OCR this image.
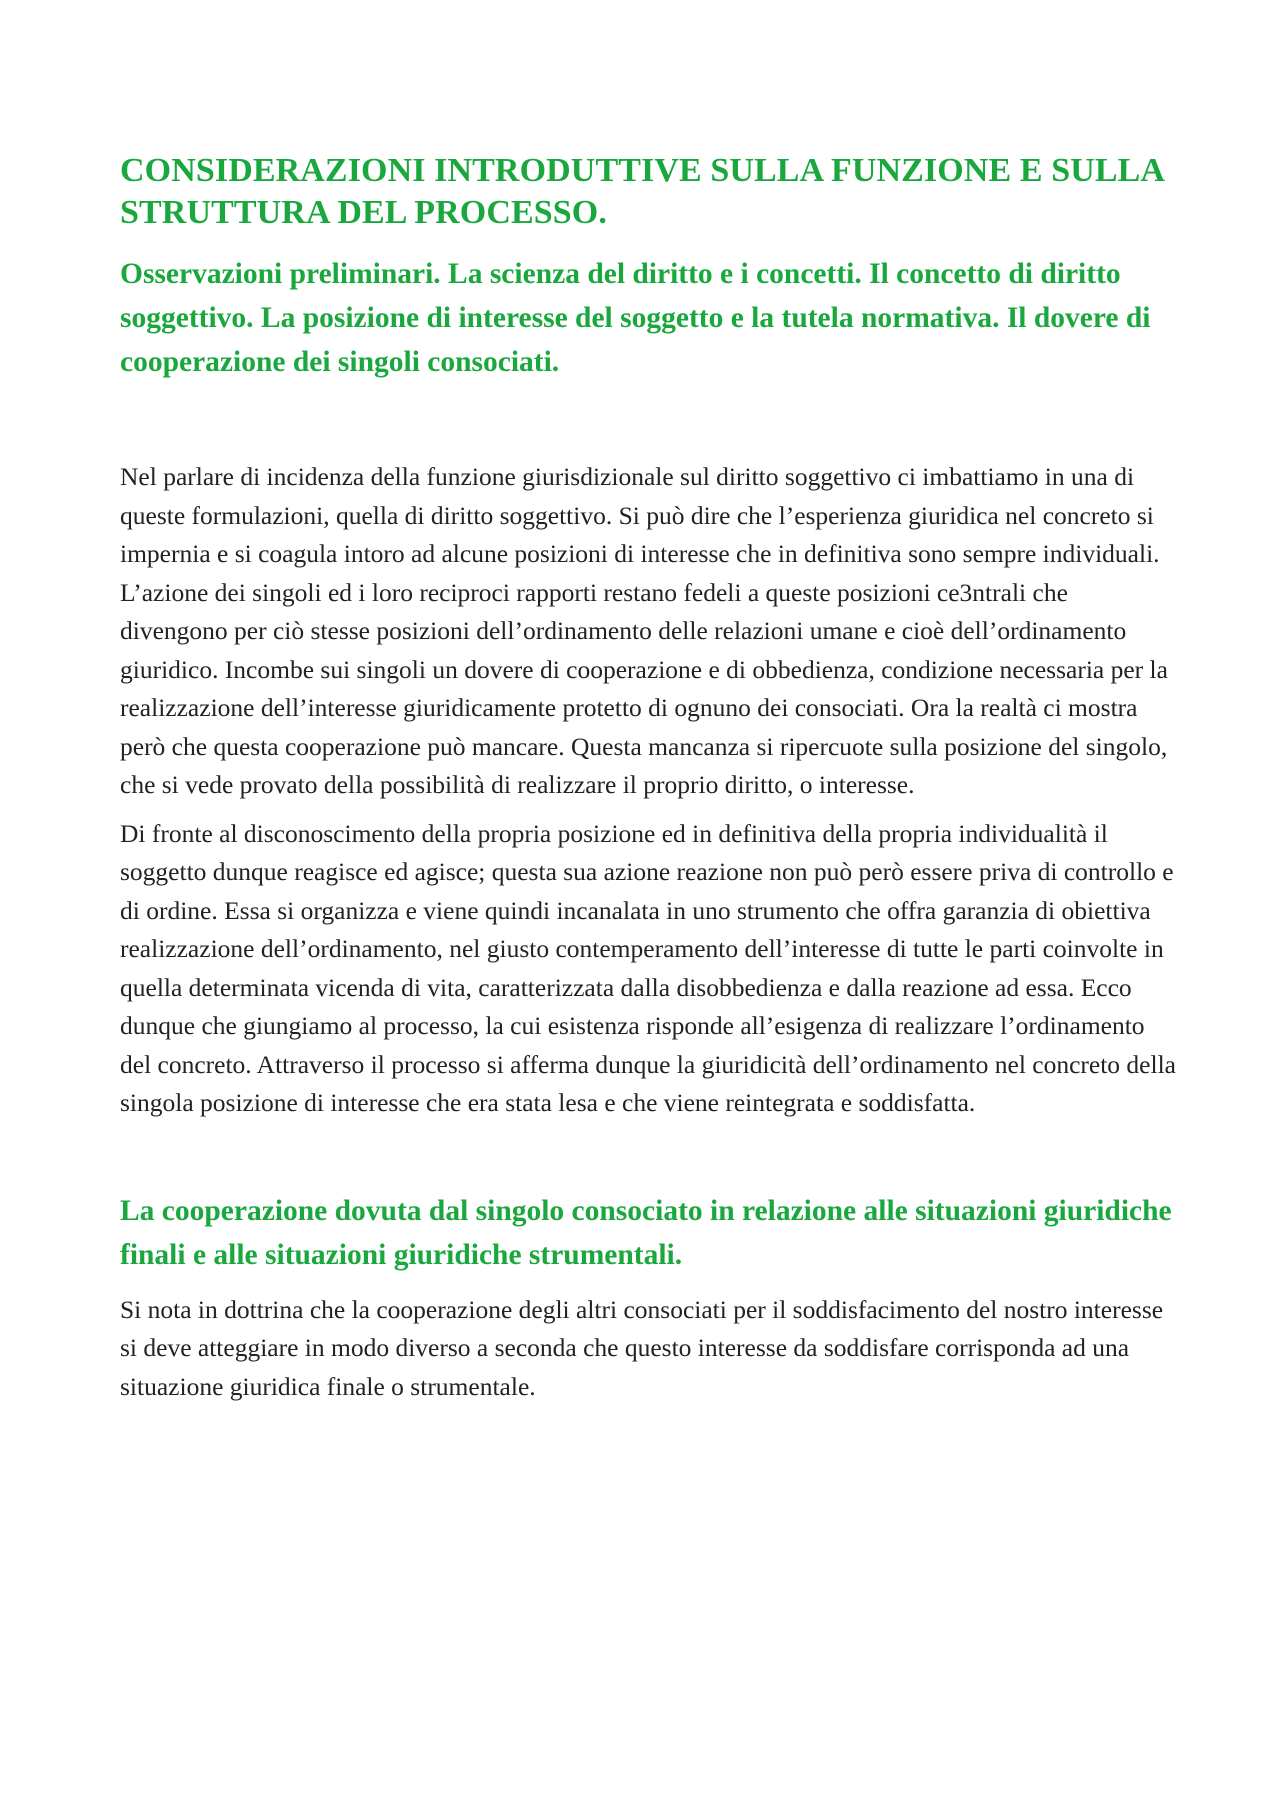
CONSIDERAZIONI INTRODUTTIVE SULLA FUNZIONE E SULLA STRUTTURA DEL PROCESSO.
Osservazioni preliminari. La scienza del diritto e i concetti. Il concetto di diritto soggettivo. La posizione di interesse del soggetto e la tutela normativa. Il dovere di cooperazione dei singoli consociati.

Nel parlare di incidenza della funzione giurisdizionale sul diritto soggettivo ci imbattiamo in una di queste formulazioni, quella di diritto soggettivo. Si può dire che l’esperienza giuridica nel concreto si impernia e si coagula intoro ad alcune posizioni di interesse che in definitiva sono sempre individuali. L’azione dei singoli ed i loro reciproci rapporti restano fedeli a queste posizioni ce3ntrali che divengono per ciò stesse posizioni dell’ordinamento delle relazioni umane e cioè dell’ordinamento giuridico. Incombe sui singoli un dovere di cooperazione e di obbedienza, condizione necessaria per la realizzazione dell’interesse giuridicamente protetto di ognuno dei consociati. Ora la realtà ci mostra però che questa cooperazione può mancare. Questa mancanza si ripercuote sulla posizione del singolo, che si vede provato della possibilità di realizzare il proprio diritto, o interesse.

Di fronte al disconoscimento della propria posizione ed in definitiva della propria individualità il soggetto dunque reagisce ed agisce; questa sua azione reazione non può però essere priva di controllo e di ordine. Essa si organizza e viene quindi incanalata in uno strumento che offra garanzia di obiettiva realizzazione dell’ordinamento, nel giusto contemperamento dell’interesse di tutte le parti coinvolte in quella determinata vicenda di vita, caratterizzata dalla disobbedienza e dalla reazione ad essa. Ecco dunque che giungiamo al processo, la cui esistenza risponde all’esigenza di realizzare l’ordinamento del concreto. Attraverso il processo si afferma dunque la giuridicità dell’ordinamento nel concreto della singola posizione di interesse che era stata lesa e che viene reintegrata e soddisfatta.

La cooperazione dovuta dal singolo consociato in relazione alle situazioni giuridiche finali e alle situazioni giuridiche strumentali.

Si nota in dottrina che la cooperazione degli altri consociati per il soddisfacimento del nostro interesse si deve atteggiare in modo diverso a seconda che questo interesse da soddisfare corrisponda ad una situazione giuridica finale o strumentale.
